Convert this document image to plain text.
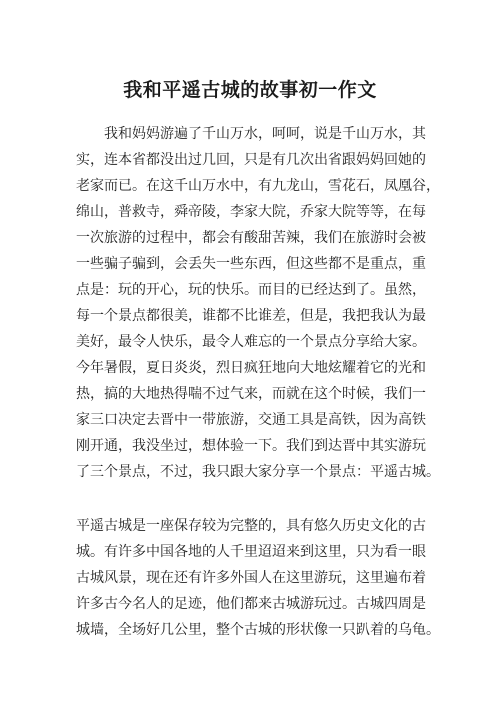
我和平遥古城的故事初一作文
我和妈妈游遍了千山万水，呵呵，说是千山万水，其
实，连本省都没出过几回，只是有几次出省跟妈妈回她的
老家而已。在这千山万水中，有九龙山，雪花石，凤凰谷，
绵山，普救寺，舜帝陵，李家大院，乔家大院等等，在每
一次旅游的过程中，都会有酸甜苦辣，我们在旅游时会被
一些骗子骗到，会丢失一些东西，但这些都不是重点，重
点是：玩的开心，玩的快乐。而目的已经达到了。虽然，
每一个景点都很美，谁都不比谁差，但是，我把我认为最
美好，最令人快乐，最令人难忘的一个景点分享给大家。
今年暑假，夏日炎炎，烈日疯狂地向大地炫耀着它的光和
热，搞的大地热得喘不过气来，而就在这个时候，我们一
家三口决定去晋中一带旅游，交通工具是高铁，因为高铁
刚开通，我没坐过，想体验一下。我们到达晋中其实游玩
了三个景点，不过，我只跟大家分享一个景点：平遥古城。
平遥古城是一座保存较为完整的，具有悠久历史文化的古
城。有许多中国各地的人千里迢迢来到这里，只为看一眼
古城风景，现在还有许多外国人在这里游玩，这里遍布着
许多古今名人的足迹，他们都来古城游玩过。古城四周是
城墙，全场好几公里，整个古城的形状像一只趴着的乌龟。
